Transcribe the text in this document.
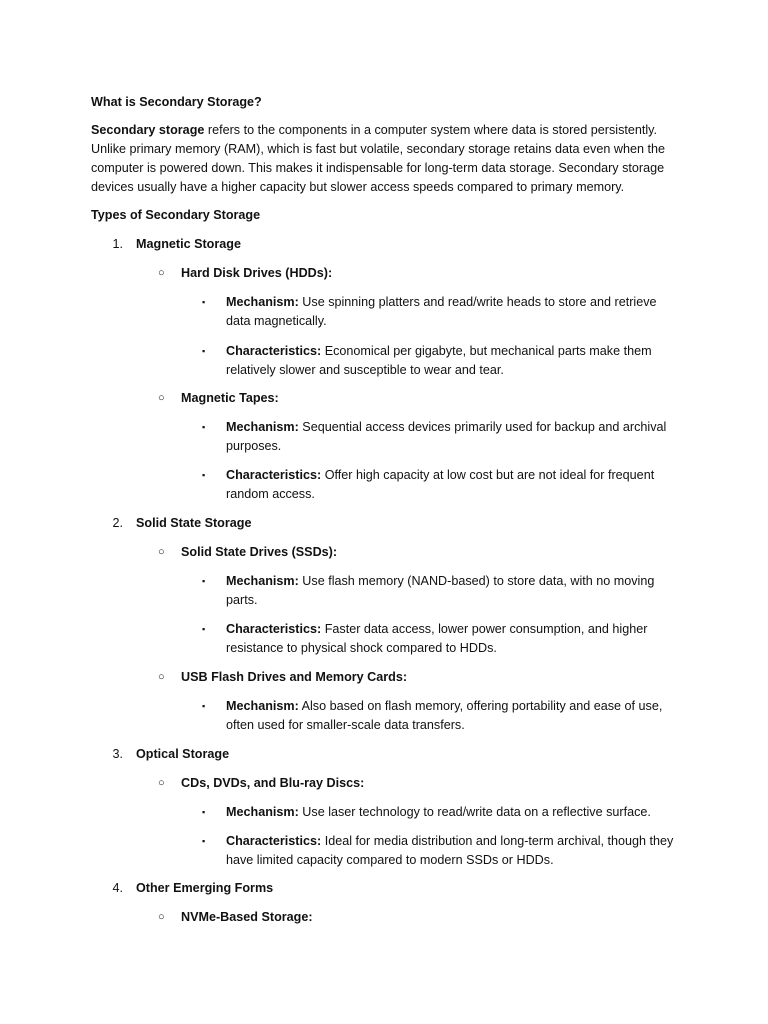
What is Secondary Storage?
Secondary storage refers to the components in a computer system where data is stored persistently.
Unlike primary memory (RAM), which is fast but volatile, secondary storage retains data even when the
computer is powered down. This makes it indispensable for long-term data storage. Secondary storage
devices usually have a higher capacity but slower access speeds compared to primary memory.
Types of Secondary Storage
1. Magnetic Storage
○ Hard Disk Drives (HDDs):
▪ Mechanism: Use spinning platters and read/write heads to store and retrieve
data magnetically.
▪ Characteristics: Economical per gigabyte, but mechanical parts make them
relatively slower and susceptible to wear and tear.
○ Magnetic Tapes:
▪ Mechanism: Sequential access devices primarily used for backup and archival
purposes.
▪ Characteristics: Offer high capacity at low cost but are not ideal for frequent
random access.
2. Solid State Storage
○ Solid State Drives (SSDs):
▪ Mechanism: Use flash memory (NAND-based) to store data, with no moving
parts.
▪ Characteristics: Faster data access, lower power consumption, and higher
resistance to physical shock compared to HDDs.
○ USB Flash Drives and Memory Cards:
▪ Mechanism: Also based on flash memory, offering portability and ease of use,
often used for smaller-scale data transfers.
3. Optical Storage
○ CDs, DVDs, and Blu-ray Discs:
▪ Mechanism: Use laser technology to read/write data on a reflective surface.
▪ Characteristics: Ideal for media distribution and long-term archival, though they
have limited capacity compared to modern SSDs or HDDs.
4. Other Emerging Forms
○ NVMe-Based Storage:
